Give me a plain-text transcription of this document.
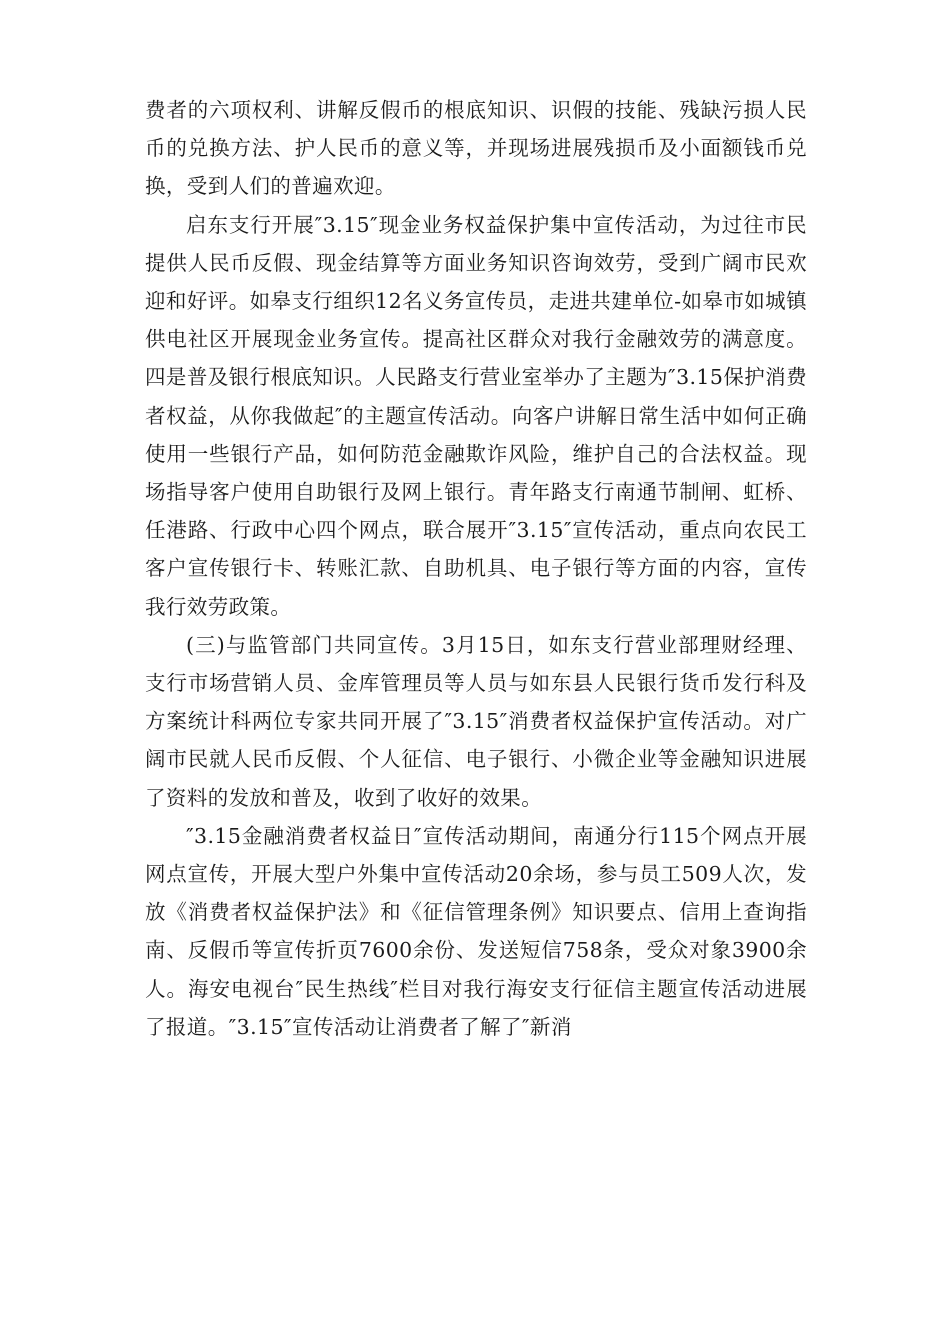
费者的六项权利、讲解反假币的根底知识、识假的技能、残缺污损人民币的兑换方法、护人民币的意义等，并现场进展残损币及小面额钱币兑换，受到人们的普遍欢迎。

启东支行开展″3.15″现金业务权益保护集中宣传活动，为过往市民提供人民币反假、现金结算等方面业务知识咨询效劳，受到广阔市民欢迎和好评。如皋支行组织12名义务宣传员，走进共建单位-如皋市如城镇供电社区开展现金业务宣传。提高社区群众对我行金融效劳的满意度。四是普及银行根底知识。人民路支行营业室举办了主题为″3.15保护消费者权益，从你我做起″的主题宣传活动。向客户讲解日常生活中如何正确使用一些银行产品，如何防范金融欺诈风险，维护自己的合法权益。现场指导客户使用自助银行及网上银行。青年路支行南通节制闸、虹桥、任港路、行政中心四个网点，联合展开″3.15″宣传活动，重点向农民工客户宣传银行卡、转账汇款、自助机具、电子银行等方面的内容，宣传我行效劳政策。

(三)与监管部门共同宣传。3月15日，如东支行营业部理财经理、支行市场营销人员、金库管理员等人员与如东县人民银行货币发行科及方案统计科两位专家共同开展了″3.15″消费者权益保护宣传活动。对广阔市民就人民币反假、个人征信、电子银行、小微企业等金融知识进展了资料的发放和普及，收到了收好的效果。

″3.15金融消费者权益日″宣传活动期间，南通分行115个网点开展网点宣传，开展大型户外集中宣传活动20余场，参与员工509人次，发放《消费者权益保护法》和《征信管理条例》知识要点、信用上查询指南、反假币等宣传折页7600余份、发送短信758条，受众对象3900余人。海安电视台″民生热线″栏目对我行海安支行征信主题宣传活动进展了报道。″3.15″宣传活动让消费者了解了″新消
